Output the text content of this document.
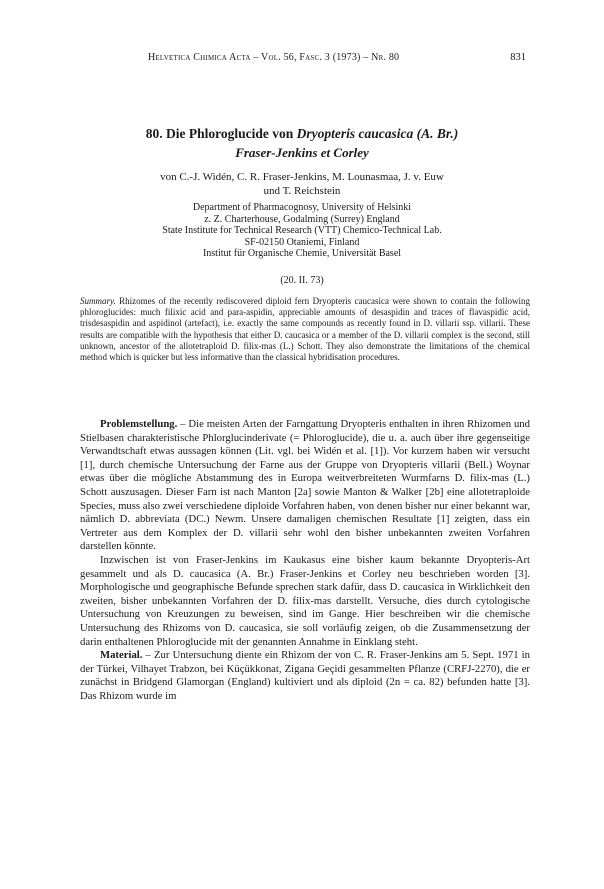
Helvetica Chimica Acta – Vol. 56, Fasc. 3 (1973) – Nr. 80	831
80. Die Phloroglucide von Dryopteris caucasica (A. Br.)
Fraser-Jenkins et Corley
von C.-J. Widén, C. R. Fraser-Jenkins, M. Lounasmaa, J. v. Euw
und T. Reichstein
Department of Pharmacognosy, University of Helsinki
z. Z. Charterhouse, Godalming (Surrey) England
State Institute for Technical Research (VTT) Chemico-Technical Lab.
SF-02150 Otaniemi, Finland
Institut für Organische Chemie, Universität Basel
(20. II. 73)
Summary. Rhizomes of the recently rediscovered diploid fern Dryopteris caucasica were shown to contain the following phloroglucides: much filixic acid and para-aspidin, appreciable amounts of desaspidin and traces of flavaspidic acid, trisdesaspidin and aspidinol (artefact), i.e. exactly the same compounds as recently found in D. villarii ssp. villarii. These results are compatible with the hypothesis that either D. caucasica or a member of the D. villarii complex is the second, still unknown, ancestor of the allotetraploid D. filix-mas (L.) Schott. They also demonstrate the limitations of the chemical method which is quicker but less informative than the classical hybridisation procedures.

Problemstellung. – Die meisten Arten der Farngattung Dryopteris enthalten in ihren Rhizomen und Stielbasen charakteristische Phlorglucinderivate (= Phloroglucide), die u. a. auch über ihre gegenseitige Verwandtschaft etwas aussagen können (Lit. vgl. bei Widén et al. [1]). Vor kurzem haben wir versucht [1], durch chemische Untersuchung der Farne aus der Gruppe von Dryopteris villarii (Bell.) Woynar etwas über die mögliche Abstammung des in Europa weitverbreiteten Wurmfarns D. filix-mas (L.) Schott auszusagen. Dieser Farn ist nach Manton [2a] sowie Manton & Walker [2b] eine allotetraploide Species, muss also zwei verschiedene diploide Vorfahren haben, von denen bisher nur einer bekannt war, nämlich D. abbreviata (DC.) Newm. Unsere damaligen chemischen Resultate [1] zeigten, dass ein Vertreter aus dem Komplex der D. villarii sehr wohl den bisher unbekannten zweiten Vorfahren darstellen könnte.

Inzwischen ist von Fraser-Jenkins im Kaukasus eine bisher kaum bekannte Dryopteris-Art gesammelt und als D. caucasica (A. Br.) Fraser-Jenkins et Corley neu beschrieben worden [3]. Morphologische und geographische Befunde sprechen stark dafür, dass D. caucasica in Wirklichkeit den zweiten, bisher unbekannten Vorfahren der D. filix-mas darstellt. Versuche, dies durch cytologische Untersuchung von Kreuzungen zu beweisen, sind im Gange. Hier beschreiben wir die chemische Untersuchung des Rhizoms von D. caucasica, sie soll vorläufig zeigen, ob die Zusammensetzung der darin enthaltenen Phloroglucide mit der genannten Annahme in Einklang steht.

Material. – Zur Untersuchung diente ein Rhizom der von C. R. Fraser-Jenkins am 5. Sept. 1971 in der Türkei, Vilhayet Trabzon, bei Küçükkonat, Zigana Geçidi gesammelten Pflanze (CRFJ-2270), die er zunächst in Bridgend Glamorgan (England) kultiviert und als diploid (2n = ca. 82) befunden hatte [3]. Das Rhizom wurde im
